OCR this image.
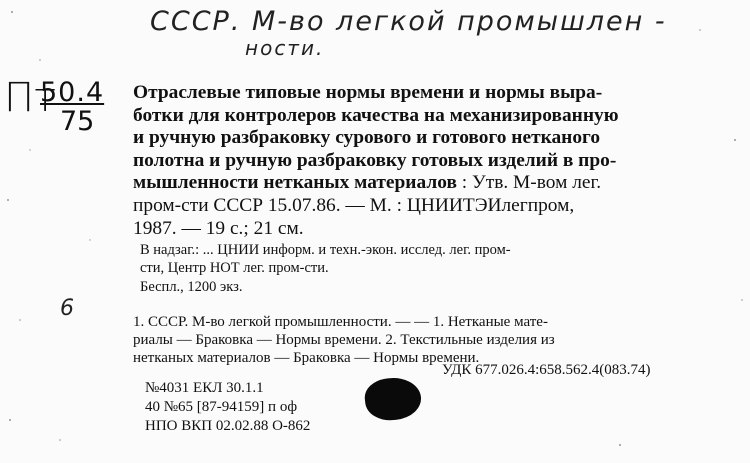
СССР. М-во легкой промышлен -
ности.
Пт
50.4
75
6
Отраслевые типовые нормы времени и нормы выра-
ботки для контролеров качества на механизированную
и ручную разбраковку сурового и готового нетканого
полотна и ручную разбраковку готовых изделий в про-
мышленности нетканых материалов : Утв. М-вом лег.
пром-сти СССР 15.07.86. — М. : ЦНИИТЭИлегпром,
1987. — 19 с.; 21 см.
В надзаг.: ... ЦНИИ информ. и техн.-экон. исслед. лег. пром-
сти, Центр НОТ лег. пром-сти.
Беспл., 1200 экз.
1. СССР. М-во легкой промышленности. — — 1. Нетканые мате-
риалы — Браковка — Нормы времени. 2. Текстильные изделия из
нетканых материалов — Браковка — Нормы времени.
УДК 677.026.4:658.562.4(083.74)
№4031 ЕКЛ 30.1.1
40 №65 [87-94159] п оф
НПО ВКП 02.02.88 О-862
